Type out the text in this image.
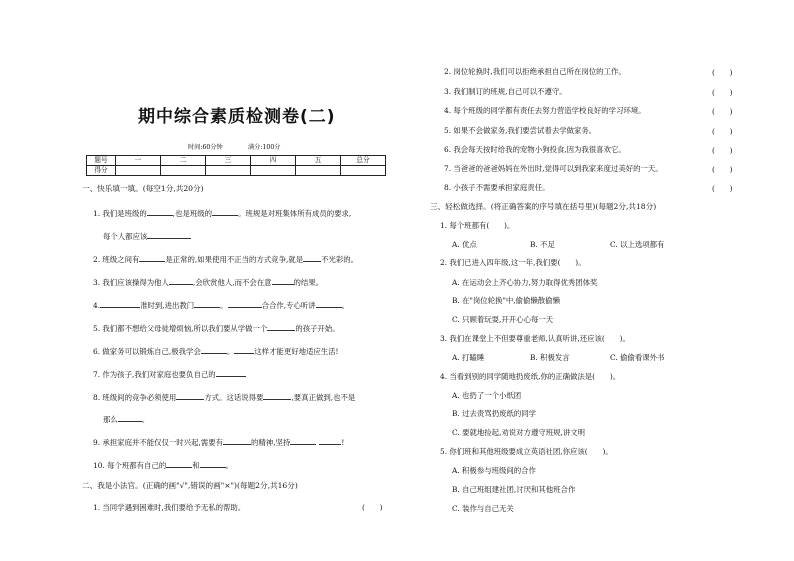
期中综合素质检测卷(二)
时间:60分钟	满分:100分
题号	一	二	三	四	五	总分
得分						
一、快乐填一填。(每空1分,共20分)
1. 我们是班级的	,也是班级的	。班规是对班集体所有成员的要求,
每个人都应该
2. 班级之间有	是正常的,如果使用不正当的方式竞争,就是 不光彩的。
3. 我们应该操得为他人	,会欣赏他人,而不会在意	的结果。
4.	准时到,进出教门	。	合合作,专心听讲	。
5. 我们都不想给父母徒增烦恼,所以我们要从学做一个	的孩子开始。
6. 做家务可以锻炼自己,极我学会	。	这样才能更好地适应生活!
7. 作为孩子,我们对家庭也要负自己的
8. 班级间的竞争必须使用	方式。这话说得要	,要真正做到,也不是
那么	。
9. 承担家庭并不能仅仅一时兴起,需要有	的精神,坚持	!
10. 每个班都有自己的	和	。
二、我是小法官。(正确的画"√",错误的画"×")(每题2分,共16分)
1. 当同学遇到困难时,我们要给予无私的帮助。	(　　)
2. 岗位轮换时,我们可以拒绝承担自己所在岗位的工作。	(　　)
3. 我们制订的班规,自己可以不遵守。	(　　)
4. 每个班级的同学都有责任去努力营造学校良好的学习环境。	(　　)
5. 如果不会做家务,我们要尝试着去学做家务。	(　　)
6. 我会每天按时给我的宠物小狗投食,因为我很喜欢它。	(　　)
7. 当爸爸的爸爸妈妈在外出时,觉得可以到我家来度过美好的一天。	(　　)
8. 小孩子不需要承担家庭责任。	(　　)
三、轻松做选择。(将正确答案的序号填在括号里)(每题2分,共18分)
1. 每个班都有(　　)。
A. 优点	B. 不足	C. 以上选项都有
2. 我们已进入四年级,这一年,我们要(　　)。
A. 在运动会上齐心协力,努力取得优秀团体奖
B. 在"岗位轮换"中,偷偷懒散偷懒
C. 只顾着玩耍,开开心心每一天
3. 我们在课堂上不但要尊重老师,认真听讲,还应该(　　)。
A. 打瞌睡	B. 积极发言	C. 偷偷看课外书
4. 当看到别的同学随地扔废纸,你的正确做法是(　　)。
A. 也扔了一个小纸团
B. 过去责骂扔废纸的同学
C. 要就地捡起,劝说对方遵守班规,讲文明
5. 你们班和其他班级要成立英语社团,你应该(　　)。
A. 积极参与班级间的合作
B. 自己班组建社团,讨厌和其他班合作
C. 装作与自己无关
